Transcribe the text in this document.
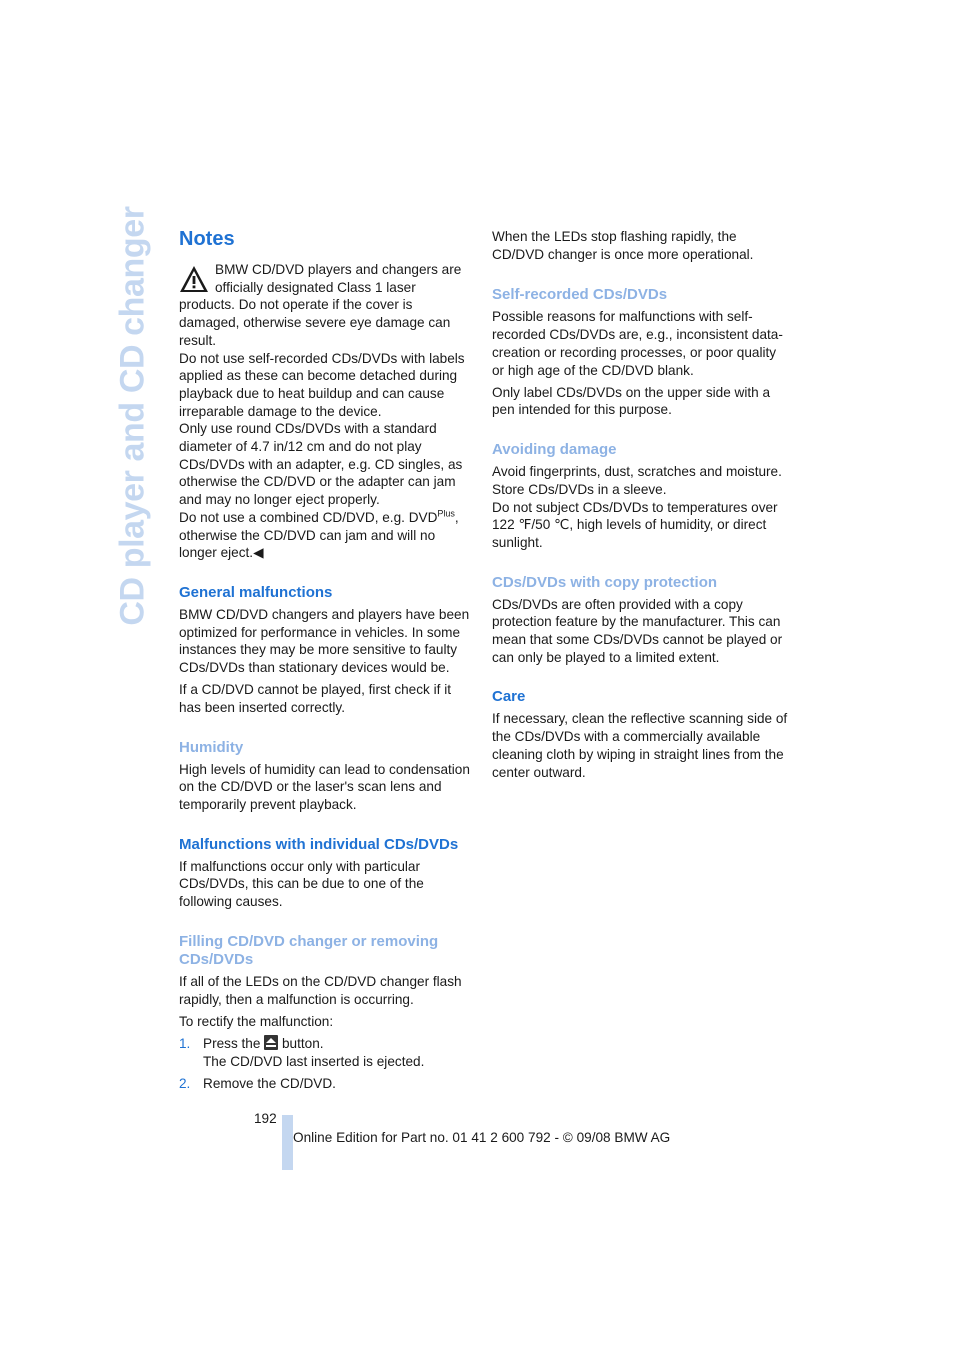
CD player and CD changer Notes

BMW CD/DVD players and changers are officially designated Class 1 laser products. Do not operate if the cover is damaged, otherwise severe eye damage can result.

Do not use self-recorded CDs/DVDs with labels applied as these can become detached during playback due to heat buildup and can cause irreparable damage to the device.

Only use round CDs/DVDs with a standard diameter of 4.7 in/12 cm and do not play CDs/DVDs with an adapter, e.g. CD singles, as otherwise the CD/DVD or the adapter can jam and may no longer eject properly.

Do not use a combined CD/DVD, e.g. $DVD^{Plus}$, otherwise the CD/DVD can jam and will no longer eject.◀

General malfunctions

BMW CD/DVD changers and players have been optimized for performance in vehicles. In some instances they may be more sensitive to faulty CDs/DVDs than stationary devices would be.

If a CD/DVD cannot be played, first check if it has been inserted correctly.

Humidity

High levels of humidity can lead to condensation on the CD/DVD or the laser's scan lens and temporarily prevent playback.

Malfunctions with individual CDs/DVDs

If malfunctions occur only with particular CDs/DVDs, this can be due to one of the following causes.

Filling CD/DVD changer or removing CDs/DVDs

If all of the LEDs on the CD/DVD changer flash rapidly, then a malfunction is occurring.

To rectify the malfunction:

1. Press the button.
The CD/DVD last inserted is ejected.
2. Remove the CD/DVD.

When the LEDs stop flashing rapidly, the CD/DVD changer is once more operational.

Self-recorded CDs/DVDs

Possible reasons for malfunctions with self-recorded CDs/DVDs are, e.g., inconsistent data-creation or recording processes, or poor quality or high age of the CD/DVD blank.

Only label CDs/DVDs on the upper side with a pen intended for this purpose.

Avoiding damage
Avoid fingerprints, dust, scratches and moisture.
Store CDs/DVDs in a sleeve.
Do not subject CDs/DVDs to temperatures over 122 ℉/50 ℃, high levels of humidity, or direct sunlight.
CDs/DVDs with copy protection

CDs/DVDs are often provided with a copy protection feature by the manufacturer. This can mean that some CDs/DVDs cannot be played or can only be played to a limited extent.

Care

If necessary, clean the reflective scanning side of the CDs/DVDs with a commercially available cleaning cloth by wiping in straight lines from the center outward.

192
Online Edition for Part no. 01 41 2 600 792 - © 09/08 BMW AG
